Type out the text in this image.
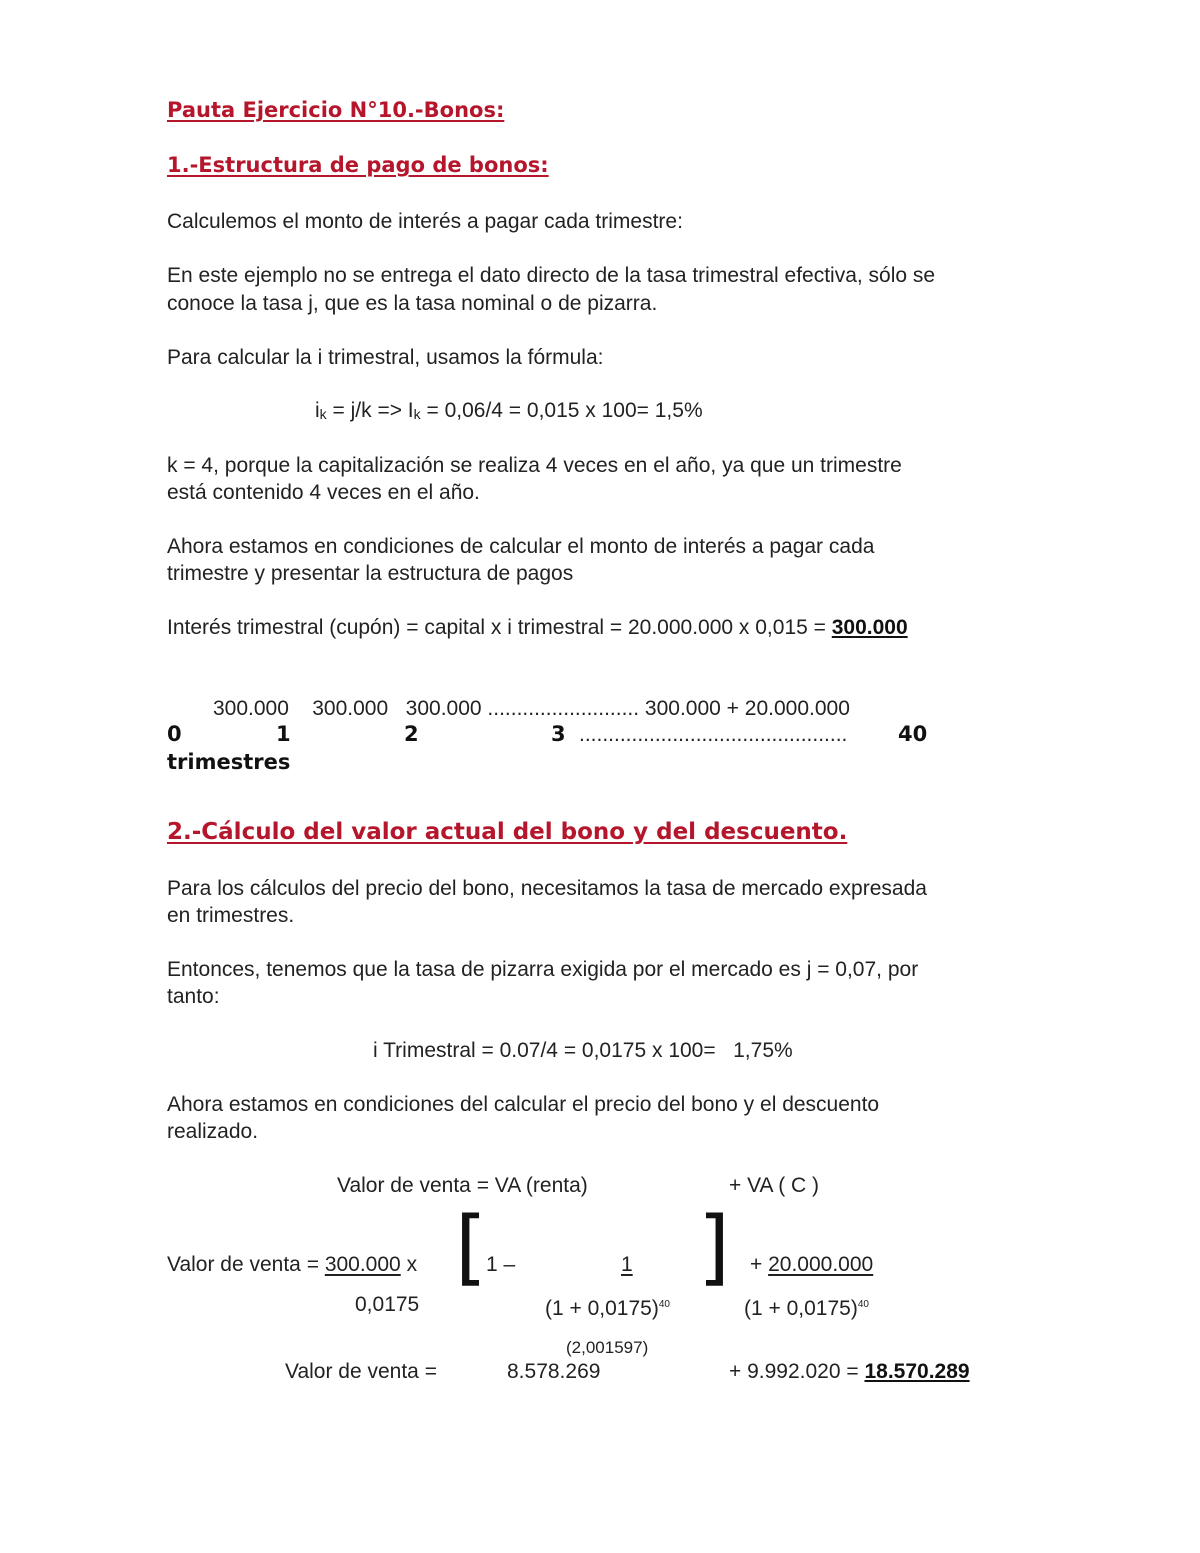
Pauta Ejercicio N°10.-Bonos:
1.-Estructura de pago de bonos:
Calculemos el monto de interés a pagar cada trimestre:
En este ejemplo no se entrega el dato directo de la tasa trimestral efectiva, sólo se
conoce la tasa j, que es la tasa nominal o de pizarra.
Para calcular la i trimestral, usamos la fórmula:
ik = j/k => Ik = 0,06/4 = 0,015 x 100= 1,5%
k = 4, porque la capitalización se realiza 4 veces en el año, ya que un trimestre
está contenido 4 veces en el año.
Ahora estamos en condiciones de calcular el monto de interés a pagar cada
trimestre y presentar la estructura de pagos
Interés trimestral (cupón) = capital x i trimestral = 20.000.000 x 0,015 = 300.000
300.000    300.000   300.000 .......................... 300.000 + 20.000.000
0	1	2	3 .............................................. 40
trimestres
2.-Cálculo del valor actual del bono y del descuento.
Para los cálculos del precio del bono, necesitamos la tasa de mercado expresada
en trimestres.
Entonces, tenemos que la tasa de pizarra exigida por el mercado es j = 0,07, por
tanto:
i Trimestral = 0.07/4 = 0,0175 x 100=   1,75%
Ahora estamos en condiciones del calcular el precio del bono y el descuento
realizado.
Valor de venta = VA (renta)	+ VA ( C )
Valor de venta = 300.000 x [ 1 –	1 ] + 20.000.000
0,0175	$(1 + 0,0175)^{40}$	$(1 + 0,0175)^{40}$
(2,001597)
Valor de venta =	8.578.269	+ 9.992.020 = 18.570.289
